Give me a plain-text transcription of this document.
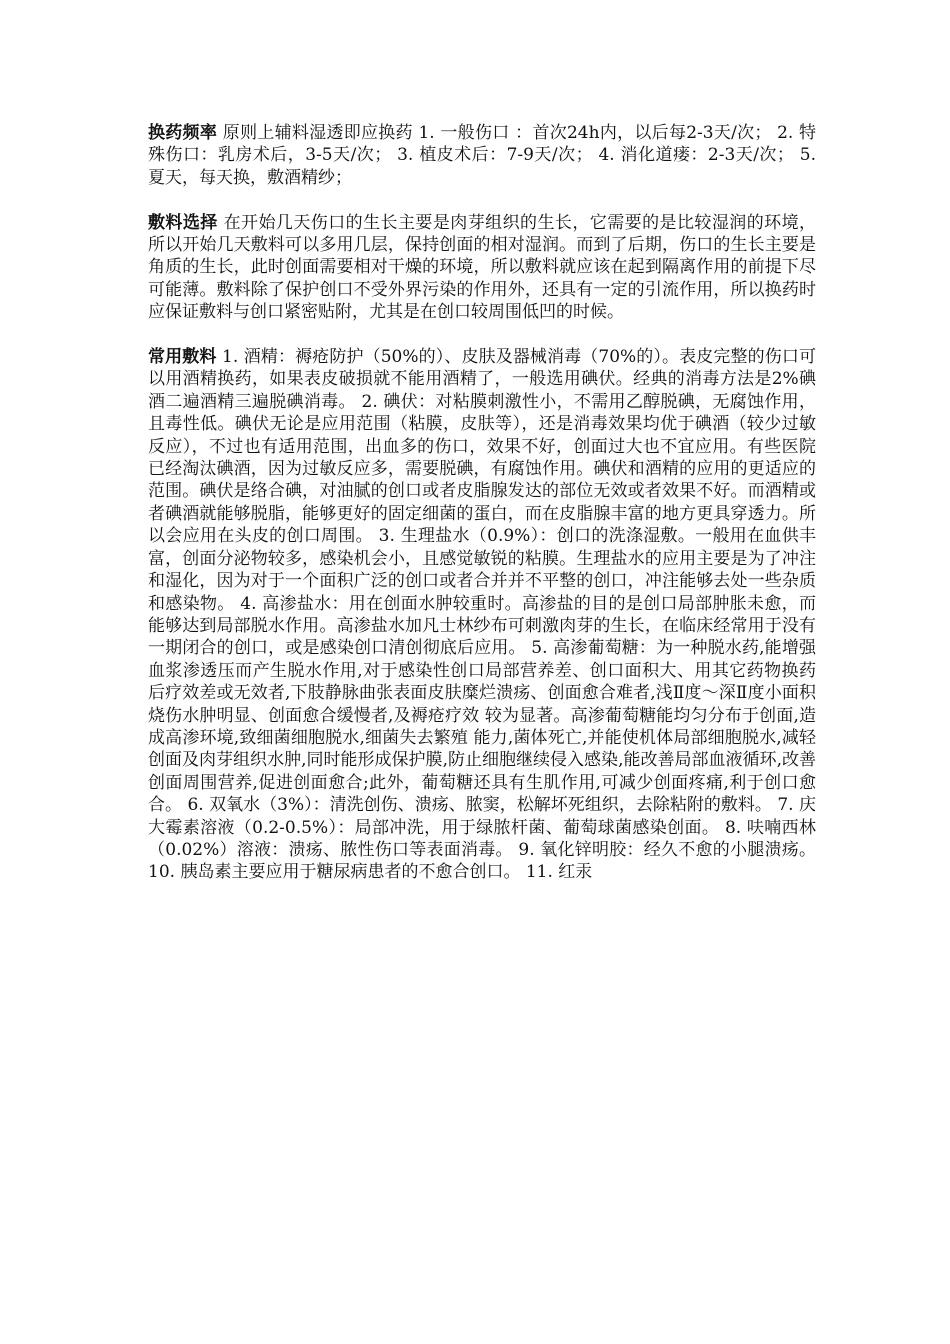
换药频率 原则上辅料湿透即应换药 1. 一般伤口 ：首次24h内，以后每2-3天/次； 2. 特殊伤口：乳房术后，3-5天/次； 3. 植皮术后：7-9天/次； 4. 消化道瘘：2-3天/次； 5. 夏天，每天换，敷酒精纱；

敷料选择 在开始几天伤口的生长主要是肉芽组织的生长，它需要的是比较湿润的环境，所以开始几天敷料可以多用几层，保持创面的相对湿润。而到了后期，伤口的生长主要是角质的生长，此时创面需要相对干燥的环境，所以敷料就应该在起到隔离作用的前提下尽可能薄。敷料除了保护创口不受外界污染的作用外，还具有一定的引流作用，所以换药时应保证敷料与创口紧密贴附，尤其是在创口较周围低凹的时候。

常用敷料 1. 酒精：褥疮防护（50%的）、皮肤及器械消毒（70%的）。表皮完整的伤口可以用酒精换药，如果表皮破损就不能用酒精了，一般选用碘伏。经典的消毒方法是2%碘酒二遍酒精三遍脱碘消毒。 2. 碘伏：对粘膜刺激性小，不需用乙醇脱碘，无腐蚀作用，且毒性低。碘伏无论是应用范围（粘膜，皮肤等），还是消毒效果均优于碘酒（较少过敏反应），不过也有适用范围，出血多的伤口，效果不好，创面过大也不宜应用。有些医院已经淘汰碘酒，因为过敏反应多，需要脱碘，有腐蚀作用。碘伏和酒精的应用的更适应的范围。碘伏是络合碘，对油腻的创口或者皮脂腺发达的部位无效或者效果不好。而酒精或者碘酒就能够脱脂，能够更好的固定细菌的蛋白，而在皮脂腺丰富的地方更具穿透力。所以会应用在头皮的创口周围。 3. 生理盐水（0.9%）：创口的洗涤湿敷。一般用在血供丰富，创面分泌物较多，感染机会小，且感觉敏锐的粘膜。生理盐水的应用主要是为了冲注和湿化，因为对于一个面积广泛的创口或者合并并不平整的创口，冲注能够去处一些杂质和感染物。 4. 高渗盐水：用在创面水肿较重时。高渗盐的目的是创口局部肿胀未愈，而能够达到局部脱水作用。高渗盐水加凡士林纱布可刺激肉芽的生长，在临床经常用于没有一期闭合的创口，或是感染创口清创彻底后应用。 5. 高渗葡萄糖：为一种脱水药,能增强血浆渗透压而产生脱水作用,对于感染性创口局部营养差、创口面积大、用其它药物换药后疗效差或无效者,下肢静脉曲张表面皮肤糜烂溃疡、创面愈合难者,浅Ⅱ度～深Ⅱ度小面积烧伤水肿明显、创面愈合缓慢者,及褥疮疗效 较为显著。高渗葡萄糖能均匀分布于创面,造成高渗环境,致细菌细胞脱水,细菌失去繁殖 能力,菌体死亡,并能使机体局部细胞脱水,减轻创面及肉芽组织水肿,同时能形成保护膜,防止细胞继续侵入感染,能改善局部血液循环,改善创面周围营养,促进创面愈合;此外，葡萄糖还具有生肌作用,可减少创面疼痛,利于创口愈合。 6. 双氧水（3%）：清洗创伤、溃疡、脓窦，松解坏死组织，去除粘附的敷料。 7. 庆大霉素溶液（0.2-0.5%）：局部冲洗，用于绿脓杆菌、葡萄球菌感染创面。 8. 呋喃西林（0.02%）溶液：溃疡、脓性伤口等表面消毒。 9. 氧化锌明胶：经久不愈的小腿溃疡。 10. 胰岛素主要应用于糖尿病患者的不愈合创口。 11. 红汞
